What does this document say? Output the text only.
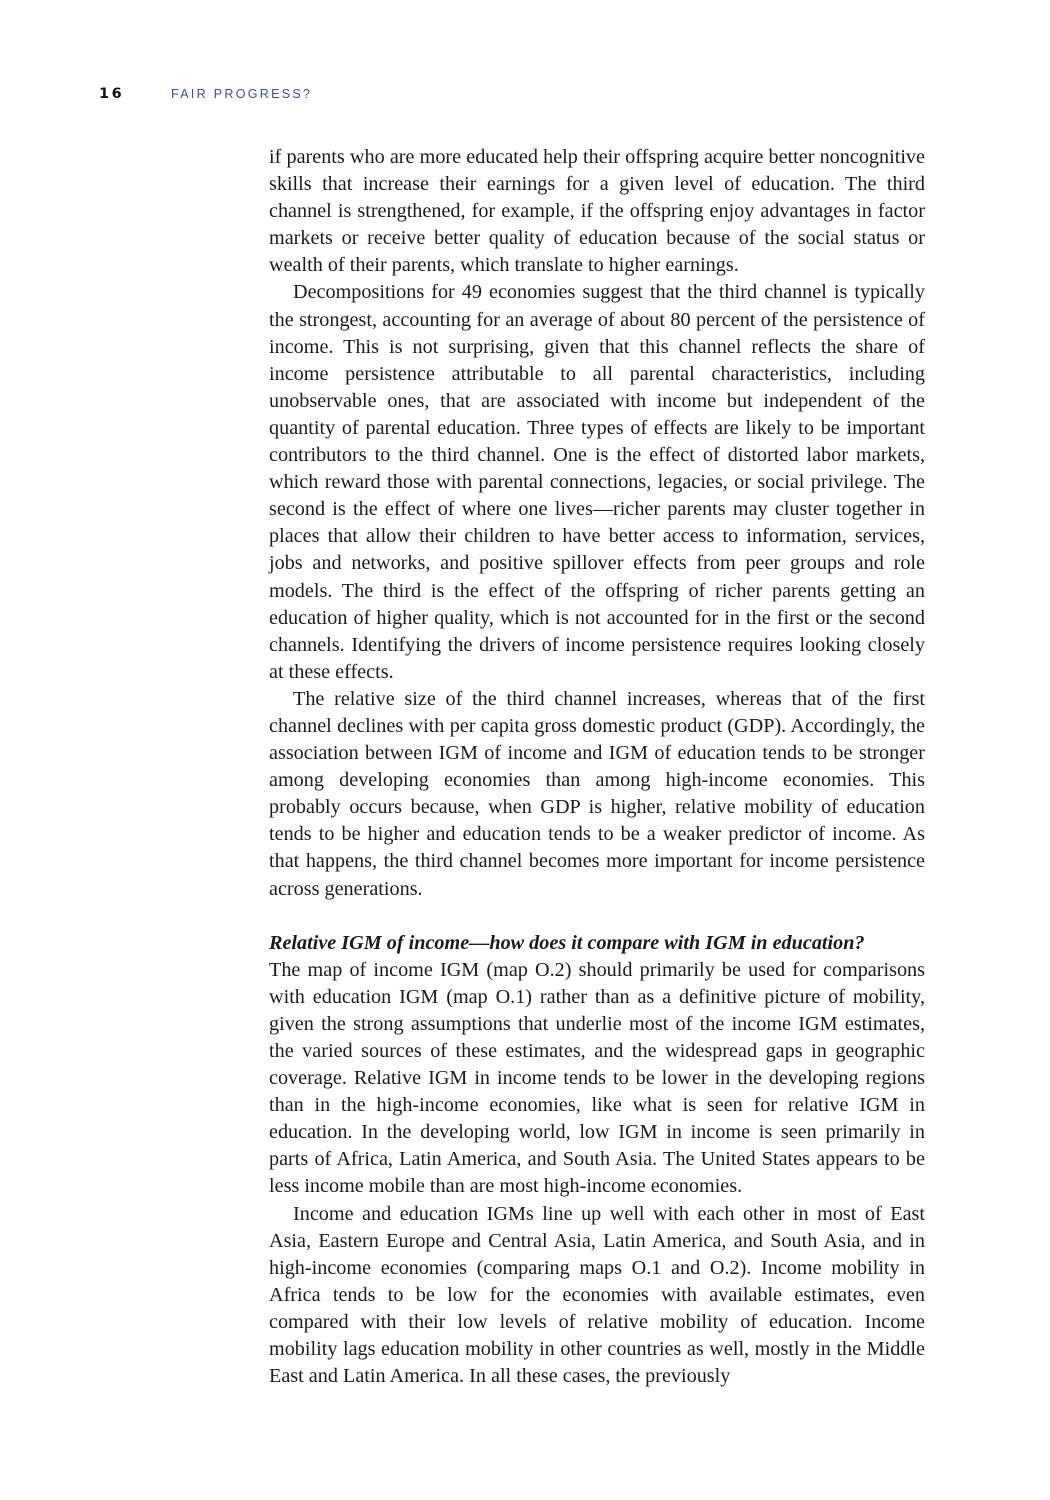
16	FAIR PROGRESS?

if parents who are more educated help their offspring acquire better noncognitive skills that increase their earnings for a given level of education. The third channel is strengthened, for example, if the offspring enjoy advantages in factor markets or receive better quality of education because of the social status or wealth of their parents, which translate to higher earnings.

Decompositions for 49 economies suggest that the third channel is typically the strongest, accounting for an average of about 80 percent of the persistence of income. This is not surprising, given that this channel reflects the share of income persistence attributable to all parental characteristics, including unobservable ones, that are associated with income but independent of the quantity of parental education. Three types of effects are likely to be important contributors to the third channel. One is the effect of distorted labor markets, which reward those with parental connections, legacies, or social privilege. The second is the effect of where one lives—richer parents may cluster together in places that allow their children to have better access to information, services, jobs and networks, and positive spillover effects from peer groups and role models. The third is the effect of the offspring of richer parents getting an education of higher quality, which is not accounted for in the first or the second channels. Identifying the drivers of income persistence requires looking closely at these effects.

The relative size of the third channel increases, whereas that of the first channel declines with per capita gross domestic product (GDP). Accordingly, the association between IGM of income and IGM of education tends to be stronger among developing economies than among high-income economies. This probably occurs because, when GDP is higher, relative mobility of education tends to be higher and education tends to be a weaker predictor of income. As that happens, the third channel becomes more important for income persistence across generations.

Relative IGM of income—how does it compare with IGM in education?

The map of income IGM (map O.2) should primarily be used for comparisons with education IGM (map O.1) rather than as a definitive picture of mobility, given the strong assumptions that underlie most of the income IGM estimates, the varied sources of these estimates, and the widespread gaps in geographic coverage. Relative IGM in income tends to be lower in the developing regions than in the high-income economies, like what is seen for relative IGM in education. In the developing world, low IGM in income is seen primarily in parts of Africa, Latin America, and South Asia. The United States appears to be less income mobile than are most high-income economies.

Income and education IGMs line up well with each other in most of East Asia, Eastern Europe and Central Asia, Latin America, and South Asia, and in high-income economies (comparing maps O.1 and O.2). Income mobility in Africa tends to be low for the economies with available estimates, even compared with their low levels of relative mobility of education. Income mobility lags education mobility in other countries as well, mostly in the Middle East and Latin America. In all these cases, the previously
